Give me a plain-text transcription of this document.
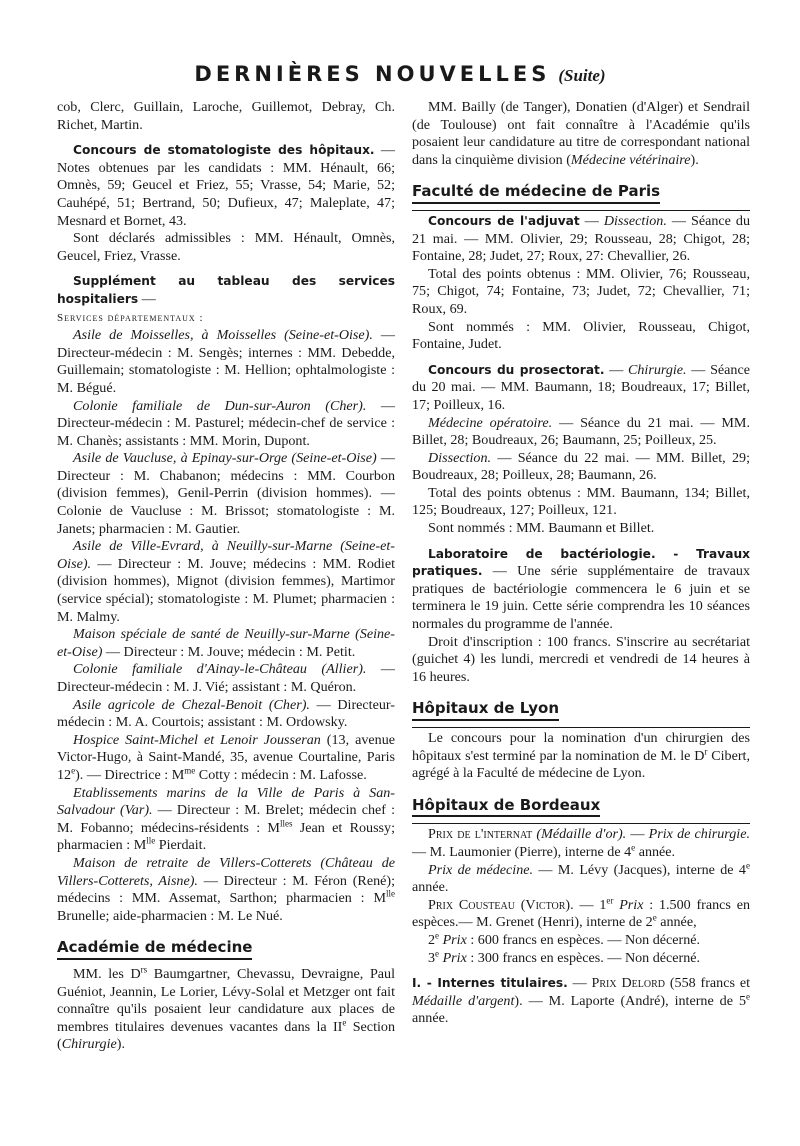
DERNIÈRES NOUVELLES (Suite)

cob, Clerc, Guillain, Laroche, Guillemot, Debray, Ch. Richet, Martin.

Concours de stomatologiste des hôpitaux. — Notes obtenues par les candidats : MM. Hénault, 66; Omnès, 59; Geucel et Friez, 55; Vrasse, 54; Marie, 52; Cauhépé, 51; Bertrand, 50; Dufieux, 47; Maleplate, 47; Mesnard et Bornet, 43.

Sont déclarés admissibles : MM. Hénault, Omnès, Geucel, Friez, Vrasse.

Supplément au tableau des services hospitaliers —
Services départementaux :

Asile de Moisselles, à Moisselles (Seine-et-Oise). — Directeur-médecin : M. Sengès; internes : MM. Debedde, Guillemain; stomatologiste : M. Hellion; ophtalmologiste : M. Bégué.

Colonie familiale de Dun-sur-Auron (Cher). — Directeur-médecin : M. Pasturel; médecin-chef de service : M. Chanès; assistants : MM. Morin, Dupont.

Asile de Vaucluse, à Epinay-sur-Orge (Seine-et-Oise) — Directeur : M. Chabanon; médecins : MM. Courbon (division femmes), Genil-Perrin (division hommes). — Colonie de Vaucluse : M. Brissot; stomatologiste : M. Janets; pharmacien : M. Gautier.

Asile de Ville-Evrard, à Neuilly-sur-Marne (Seine-et-Oise). — Directeur : M. Jouve; médecins : MM. Rodiet (division hommes), Mignot (division femmes), Martimor (service spécial); stomatologiste : M. Plumet; pharmacien : M. Malmy.

Maison spéciale de santé de Neuilly-sur-Marne (Seine-et-Oise) — Directeur : M. Jouve; médecin : M. Petit.

Colonie familiale d'Ainay-le-Château (Allier). — Directeur-médecin : M. J. Vié; assistant : M. Quéron.

Asile agricole de Chezal-Benoit (Cher). — Directeur-médecin : M. A. Courtois; assistant : M. Ordowsky.

Hospice Saint-Michel et Lenoir Jousseran (13, avenue Victor-Hugo, à Saint-Mandé, 35, avenue Courtaline, Paris 12e). — Directrice : $M^{me}$ Cotty : médecin : M. Lafosse.

Etablissements marins de la Ville de Paris à San-Salvadour (Var). — Directeur : M. Brelet; médecin chef : M. Fobanno; médecins-résidents : $M^{lles}$ Jean et Roussy; pharmacien : $M^{lle}$ Pierdait.

Maison de retraite de Villers-Cotterets (Château de Villers-Cotterets, Aisne). — Directeur : M. Féron (René); médecins : MM. Assemat, Sarthon; pharmacien : $M^{lle}$ Brunelle; aide-pharmacien : M. Le Nué.

Académie de médecine

MM. les $D^{rs}$ Baumgartner, Chevassu, Devraigne, Paul Guéniot, Jeannin, Le Lorier, Lévy-Solal et Metzger ont fait connaître qu'ils posaient leur candidature aux places de membres titulaires devenues vacantes dans la IIe Section (Chirurgie).

MM. Bailly (de Tanger), Donatien (d'Alger) et Sendrail (de Toulouse) ont fait connaître à l'Académie qu'ils posaient leur candidature au titre de correspondant national dans la cinquième division (Médecine vétérinaire).

Faculté de médecine de Paris

Concours de l'adjuvat — Dissection. — Séance du 21 mai. — MM. Olivier, 29; Rousseau, 28; Chigot, 28; Fontaine, 28; Judet, 27; Roux, 27: Chevallier, 26.

Total des points obtenus : MM. Olivier, 76; Rousseau, 75; Chigot, 74; Fontaine, 73; Judet, 72; Chevallier, 71; Roux, 69.

Sont nommés : MM. Olivier, Rousseau, Chigot, Fontaine, Judet.

Concours du prosectorat. — Chirurgie. — Séance du 20 mai. — MM. Baumann, 18; Boudreaux, 17; Billet, 17; Poilleux, 16.

Médecine opératoire. — Séance du 21 mai. — MM. Billet, 28; Boudreaux, 26; Baumann, 25; Poilleux, 25.

Dissection. — Séance du 22 mai. — MM. Billet, 29; Boudreaux, 28; Poilleux, 28; Baumann, 26.

Total des points obtenus : MM. Baumann, 134; Billet, 125; Boudreaux, 127; Poilleux, 121.

Sont nommés : MM. Baumann et Billet.

Laboratoire de bactériologie. - Travaux pratiques. — Une série supplémentaire de travaux pratiques de bactériologie commencera le 6 juin et se terminera le 19 juin. Cette série comprendra les 10 séances normales du programme de l'année.

Droit d'inscription : 100 francs. S'inscrire au secrétariat (guichet 4) les lundi, mercredi et vendredi de 14 heures à 16 heures.

Hôpitaux de Lyon

Le concours pour la nomination d'un chirurgien des hôpitaux s'est terminé par la nomination de M. le $D^r$ Cibert, agrégé à la Faculté de médecine de Lyon.

Hôpitaux de Bordeaux

Prix de l'internat (Médaille d'or). — Prix de chirurgie. — M. Laumonier (Pierre), interne de 4e année.

Prix de médecine. — M. Lévy (Jacques), interne de 4e année.

Prix Cousteau (Victor). — 1er Prix : 1.500 francs en espèces.— M. Grenet (Henri), interne de 2e année,

2e Prix : 600 francs en espèces. — Non décerné.

3e Prix : 300 francs en espèces. — Non décerné.

I. - Internes titulaires. — Prix Delord (558 francs et Médaille d'argent). — M. Laporte (André), interne de 5e année.
